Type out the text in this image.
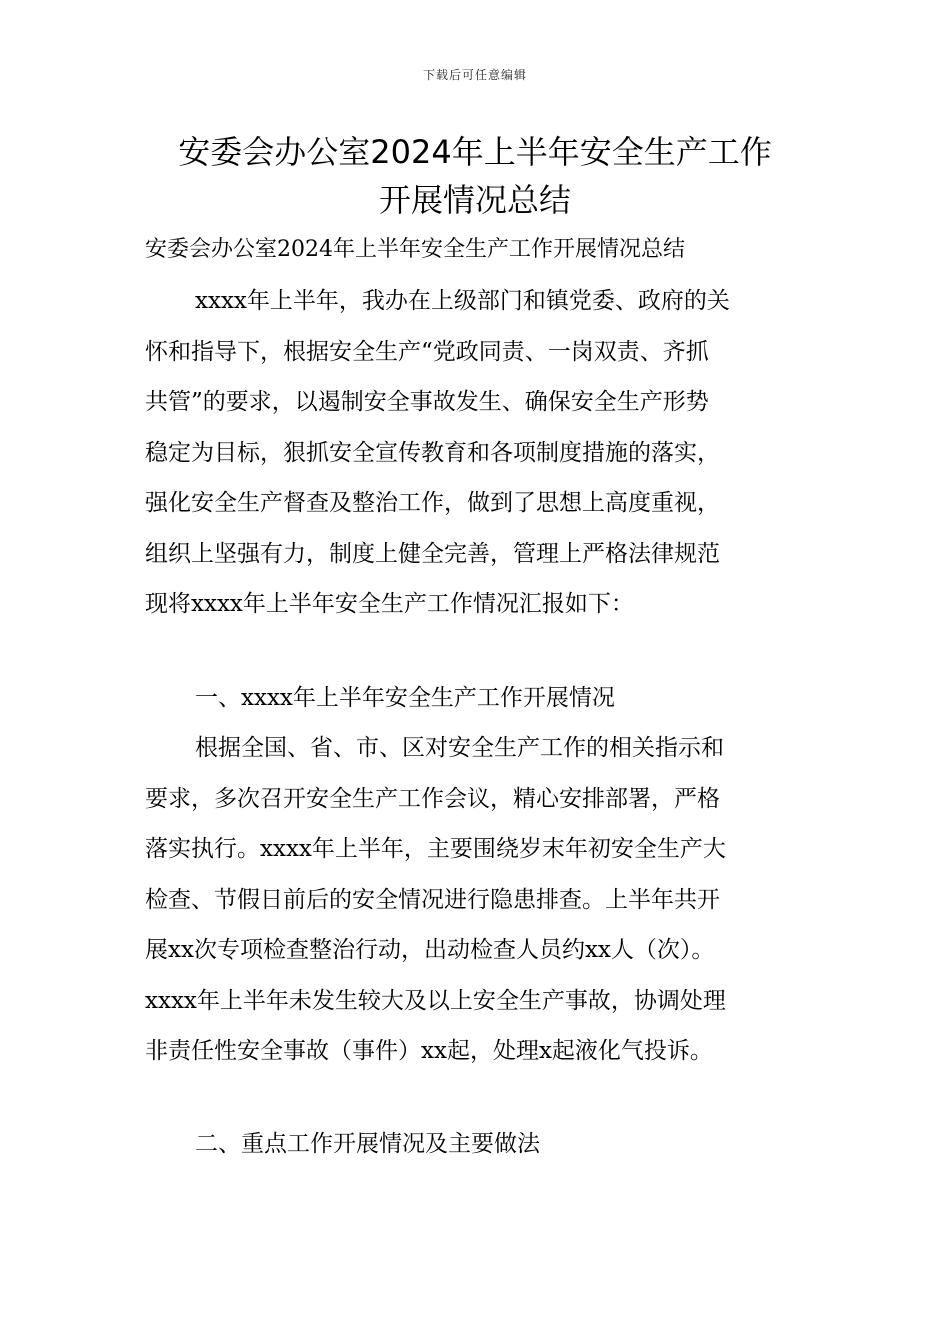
下载后可任意编辑
安委会办公室2024年上半年安全生产工作
开展情况总结
安委会办公室2024年上半年安全生产工作开展情况总结
xxxx年上半年，我办在上级部门和镇党委、政府的关
怀和指导下，根据安全生产“党政同责、一岗双责、齐抓
共管”的要求，以遏制安全事故发生、确保安全生产形势
稳定为目标，狠抓安全宣传教育和各项制度措施的落实，
强化安全生产督查及整治工作，做到了思想上高度重视，
组织上坚强有力，制度上健全完善，管理上严格法律规范
现将xxxx年上半年安全生产工作情况汇报如下：
一、xxxx年上半年安全生产工作开展情况
根据全国、省、市、区对安全生产工作的相关指示和
要求，多次召开安全生产工作会议，精心安排部署，严格
落实执行。xxxx年上半年，主要围绕岁末年初安全生产大
检查、节假日前后的安全情况进行隐患排查。上半年共开
展xx次专项检查整治行动，出动检查人员约xx人（次）。
xxxx年上半年未发生较大及以上安全生产事故，协调处理
非责任性安全事故（事件）xx起，处理x起液化气投诉。
二、重点工作开展情况及主要做法
